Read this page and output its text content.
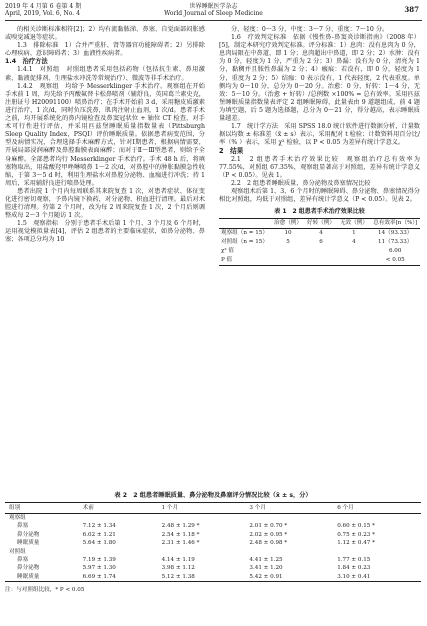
2019 年 4 月第 6 卷第 4 期
April, 2019, Vol. 6, No. 4
世界睡眠医学杂志
World Journal of Sleep Medicine	387

的相关诊断标准相符[2]；2）均有流黏脓涕、鼻塞、自觉面部闷胀感或嗅觉减退等症状。

1.3　排除标准　1）合并严重肝、肾等器官功能障碍者；2）另排除心理疾病、意识障碍者；3）血液性疾病者。

1.4　治疗方法

1.4.1　对照组　对照组患者采用包括药物（包括抗生素、鼻用激素、黏液促排剂、生理盐水冲洗等常规治疗）、微波等非手术治疗。

1.4.2　观察组　均给予 Messerklinger 手术治疗。观察组在开始手术前 1 周，均先给予丙酸氟替卡松鼻喷剂（辅舒良，英国葛兰素史克，注册证号 H20091100）喷鼻治疗；在手术开始前 3 d，采用糖皮质激素进行治疗，1 次/d，同时负压洗鼻，肌肉注射止血剂，1 次/d。患者手术之前，均开展系统化的鼻内镜检查及鼻窦冠状位 + 轴位 CT 检查，对手术可行性进行评估，并采用匹兹堡睡眠质量指数量表（Pittsburgh Sleep Quality Index，PSQI）评价睡眠质量。依据患者病变范围，分型及病情实况，合理选择手术麻醉方式，针对Ⅰ期患者，根据病情需要，开展局部浸润麻醉及鼻腔黏膜表面麻醉；而对于Ⅱ～Ⅲ型患者，则给予全身麻醉。全部患者均行 Messerklinger 手术治疗。手术 48 h 后，将填塞物取出，用盐酸羟甲唑啉喷鼻 1～2 次/d，对鼻腔中的肿胀黏膜急性收缩，于第 3～5 d 时，利用生理盐水对鼻腔分泌物、血痂进行冲洗；持 1 周后，采用辅舒良进行喷鼻处理。

患者出院 1 个月内每周联系其来院复查 1 次，对患者症状、体征变化进行密切观察，予鼻内镜下换药，对分泌物、积血进行清理。最后对术腔进行清理。待第 2 个月时，改为每 2 周来院复查 1 次，2 个月后则调整成每 2～3 个月随访 1 次。

1.5　观察指标　分别于患者手术后第 1 个月、3 个月及 6 个月时，运用视觉模拟量表[4]，评估 2 组患者的主要临床症状，如鼻分泌物、鼻塞；各项总分均为 10

分，轻度：0～3 分，中度：3～7 分，重度：7～10 分。

1.6　疗效判定标准　依据《慢性鼻-鼻窦炎诊断指南》（2008 年）[5]，制定本研究疗效判定标准。评分标准：1）息肉：没有息肉为 0 分，息肉局限在中鼻道，即 1 分；息肉超出中鼻道，即 2 分；2）水肿：没有为 0 分，轻度为 1 分，严重为 2 分；3）鼻漏：没有为 0 分，清亮为 1 分，黏稠并且脓性鼻漏为 2 分；4）瘢痕：若没有，即 0 分，轻度为 1 分，重度为 2 分；5）结痂：0 表示没有，1 代表轻度，2 代表重度。单侧均为 0～10 分，总分为 0～20 分。治愈：0 分，好转：1～4 分，无效：5～10 分。（治愈 + 好转）/总例数 ×100% = 总有效率。采用匹兹堡睡眠质量指数量表评定 2 组睡眠障碍，此量表由 9 道题组成，前 4 题为填空题，后 5 题为选择题，总分为 0～21 分，得分越高，表示睡眠质量越差。

1.7　统计学方法　采用 SPSS 18.0 统计软件进行数据分析，计量数据以均数 ± 标准差（x̄ ± s）表示，采用配对 t 检验；计数资料用百分比/率（% ）表示，采用 χ² 检验，以 P < 0.05 为差异有统计学意义。

2　结果

2.1　2 组患者手术治疗效果比较　观察组治疗总有效率为 77.55%，对照组 67.35%，观察组显著高于对照组，差异有统计学意义（P < 0.05）。见表 1。

2.2　2 组患者睡眠质量、鼻分泌物及鼻塞情况比较

观察组术后第 1、3、6 个月时的睡眠障碍、鼻分泌物、鼻塞情况得分相比对照组，均低于对照组，差异有统计学意义（P < 0.05）。见表 2。

表 1　2 组患者手术治疗效果比较
	治愈（例）	好转（例）	无效（例）	总有效率[n（%）]
观察组（n = 15）	10	4	1	14（93.33）
对照组（n = 15）	5	6	4	11（73.33）
χ² 值				6.00
P 值				< 0.05
表 2　2 组患者睡眠质量、鼻分泌物及鼻塞评分情况比较（x̄ ± s，分）
组别	术前	1 个月	3 个月	6 个月
观察组				
鼻塞	7.12 ± 1.34	2.48 ± 1.29 *	2.01 ± 0.70 *	0.60 ± 0.15 *
鼻分泌物	6.02 ± 1.21	2.54 ± 1.18 *	2.02 ± 0.95 *	0.75 ± 0.23 *
睡眠质量	5.64 ± 1.80	2.31 ± 1.46 *	2.48 ± 0.98 *	1.12 ± 0.47 *
对照组				
鼻塞	7.19 ± 1.39	4.14 ± 1.19	4.41 ± 1.25	1.77 ± 0.15
鼻分泌物	5.97 ± 1.30	3.98 ± 1.12	3.41 ± 1.20	1.84 ± 0.23
睡眠质量	6.69 ± 1.74	5.12 ± 1.38	5.42 ± 0.91	3.10 ± 0.41
注：与对照组比较，* P < 0.05
